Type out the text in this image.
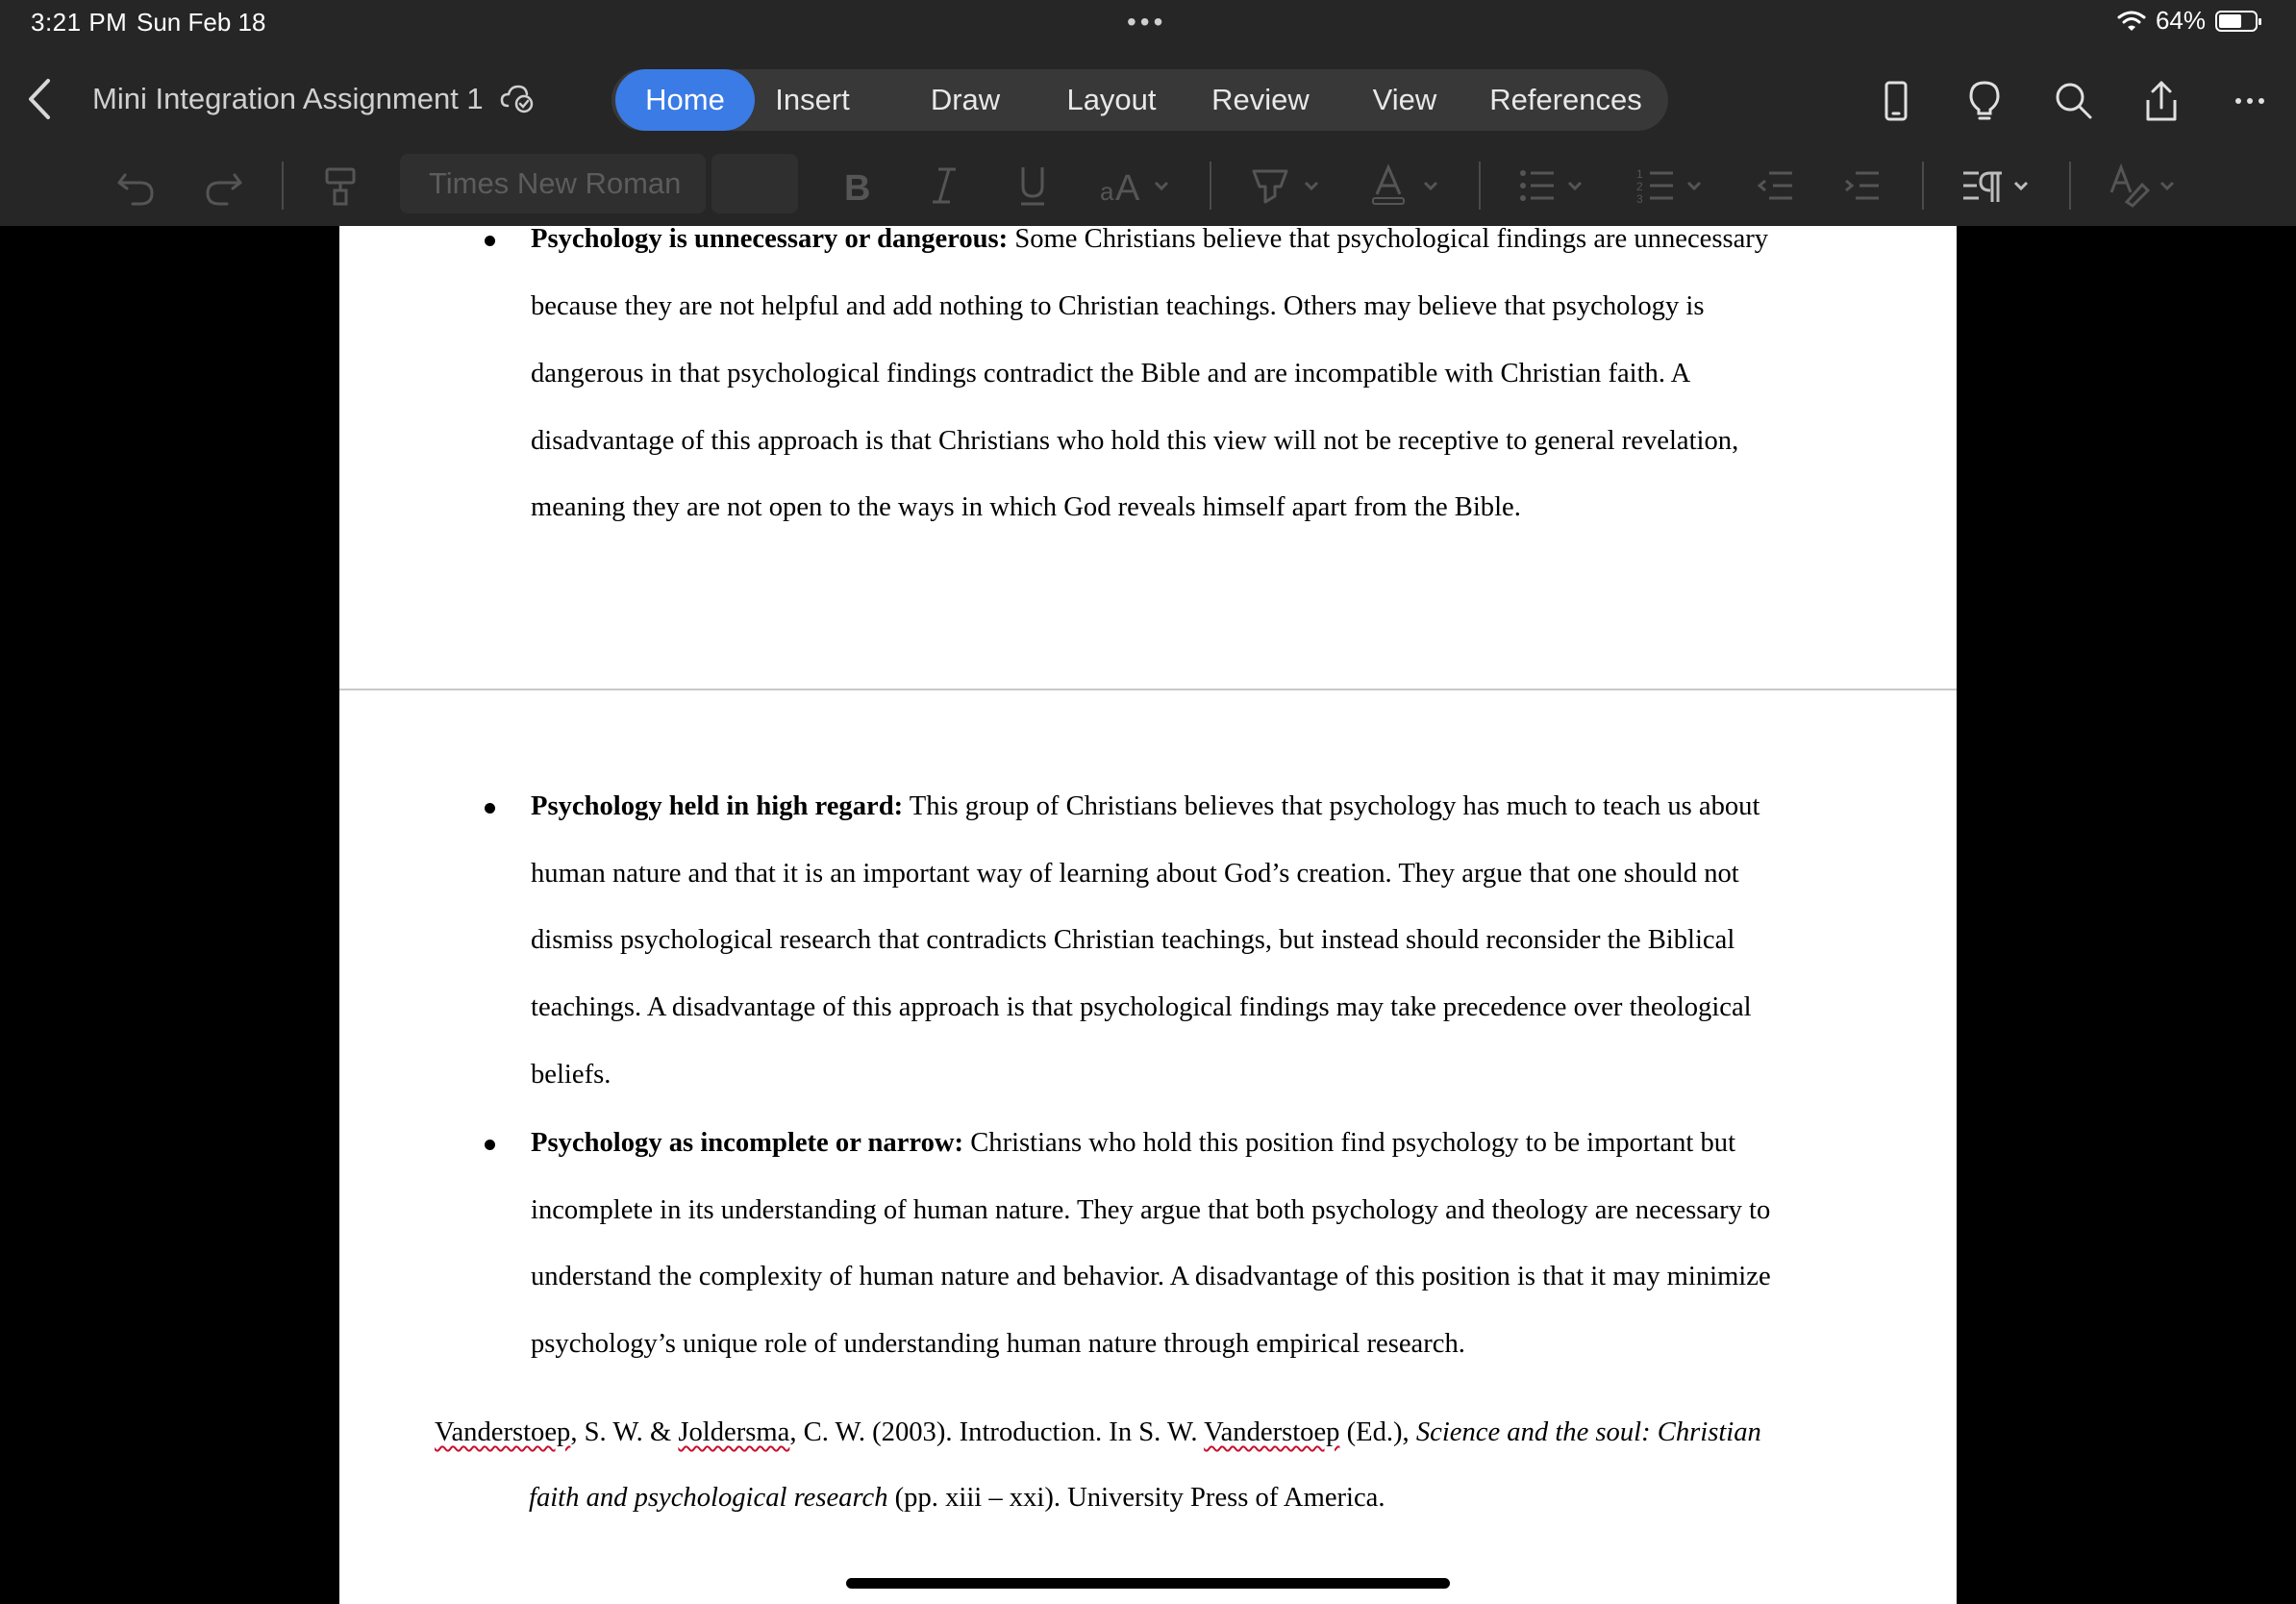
3:21 PM Sun Feb 18	•••	64%
Mini Integration Assignment 1	Home	Insert	Draw	Layout	Review	View	References
Times New Roman	B	a A	1
2
3
Psychology is unnecessary or dangerous: Some Christians believe that psychological findings are unnecessary
because they are not helpful and add nothing to Christian teachings. Others may believe that psychology is
dangerous in that psychological findings contradict the Bible and are incompatible with Christian faith. A
disadvantage of this approach is that Christians who hold this view will not be receptive to general revelation,
meaning they are not open to the ways in which God reveals himself apart from the Bible.
Psychology held in high regard: This group of Christians believes that psychology has much to teach us about
human nature and that it is an important way of learning about God’s creation. They argue that one should not
dismiss psychological research that contradicts Christian teachings, but instead should reconsider the Biblical
teachings. A disadvantage of this approach is that psychological findings may take precedence over theological
beliefs.
Psychology as incomplete or narrow: Christians who hold this position find psychology to be important but
incomplete in its understanding of human nature. They argue that both psychology and theology are necessary to
understand the complexity of human nature and behavior. A disadvantage of this position is that it may minimize
psychology’s unique role of understanding human nature through empirical research.
Vanderstoep, S. W. & Joldersma, C. W. (2003). Introduction. In S. W. Vanderstoep (Ed.), Science and the soul: Christian
faith and psychological research (pp. xiii – xxi). University Press of America.
